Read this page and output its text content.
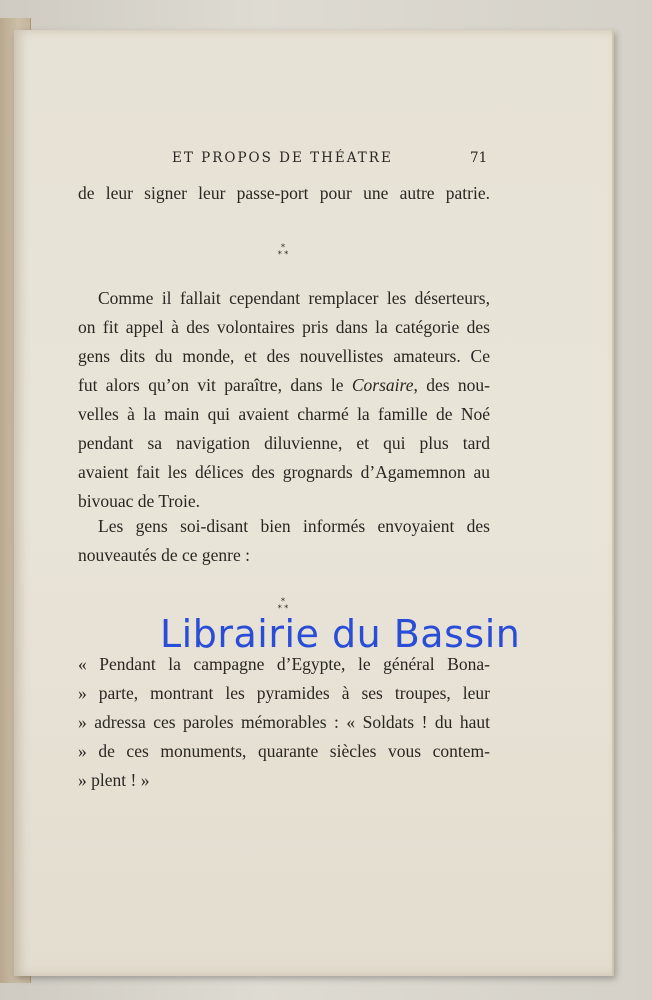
ET PROPOS DE THÉATRE	71
de leur signer leur passe-port pour une autre patrie.
*
* *
Comme il fallait cependant remplacer les déserteurs,
on fit appel à des volontaires pris dans la catégorie des
gens dits du monde, et des nouvellistes amateurs. Ce
fut alors qu’on vit paraître, dans le Corsaire, des nou-
velles à la main qui avaient charmé la famille de Noé
pendant sa navigation diluvienne, et qui plus tard
avaient fait les délices des grognards d’Agamemnon au
bivouac de Troie.
Les gens soi-disant bien informés envoyaient des
nouveautés de ce genre :
*
* *
Librairie du Bassin
« Pendant la campagne d’Egypte, le général Bona-
» parte, montrant les pyramides à ses troupes, leur
» adressa ces paroles mémorables : « Soldats ! du haut
» de ces monuments, quarante siècles vous contem-
» plent ! »
